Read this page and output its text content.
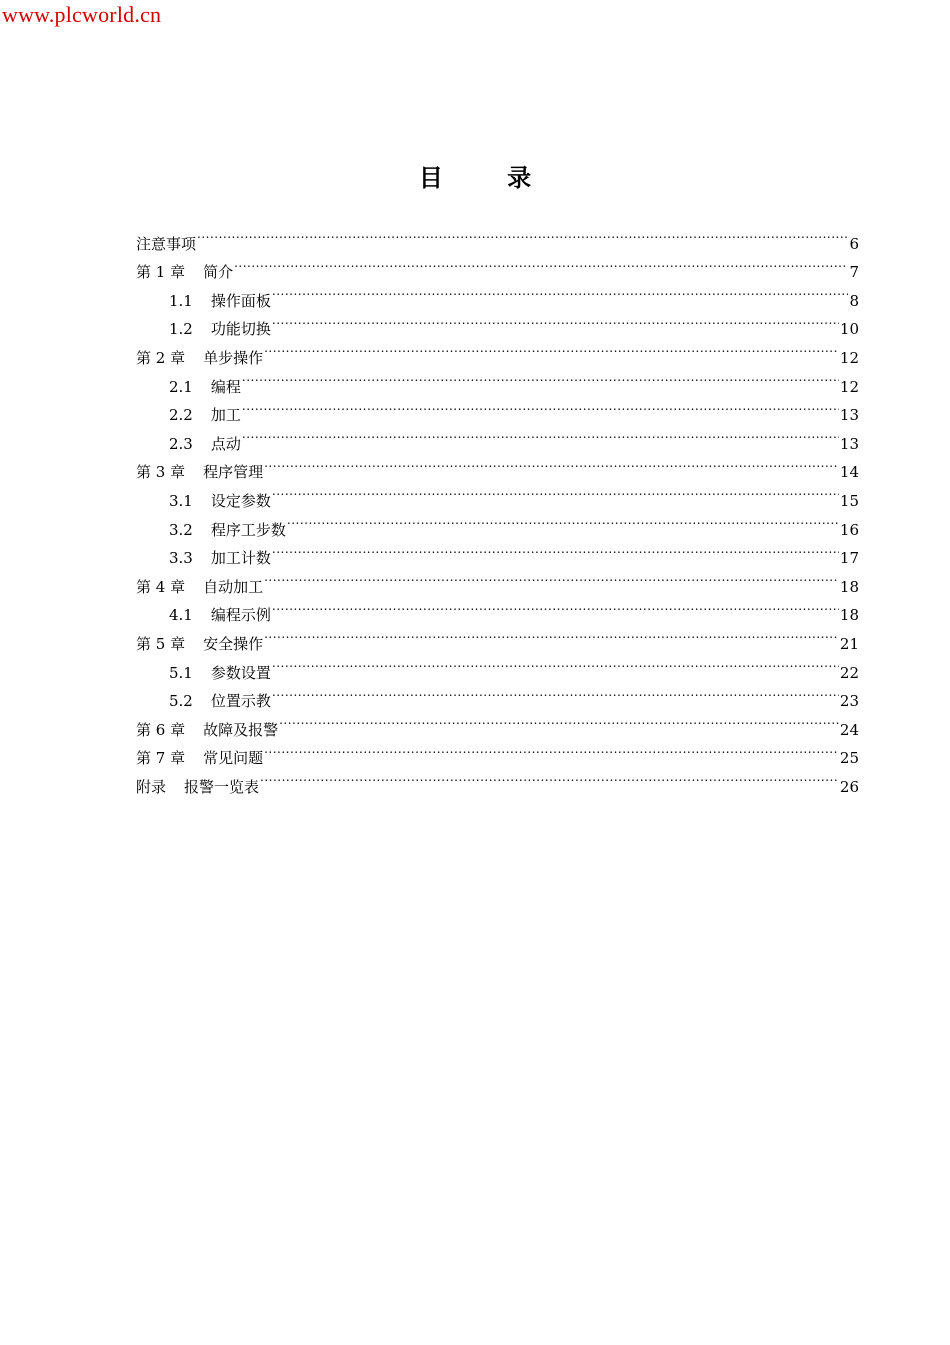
www.plcworld.cn
目 录
注意事项 .....	6
第 1 章 简介 .....	7
1.1 操作面板 .....	8
1.2 功能切换 .....	10
第 2 章 单步操作 .....	12
2.1 编程 .....	12
2.2 加工 .....	13
2.3 点动 .....	13
第 3 章 程序管理 .....	14
3.1 设定参数 .....	15
3.2 程序工步数 .....	16
3.3 加工计数 .....	17
第 4 章 自动加工 .....	18
4.1 编程示例 .....	18
第 5 章 安全操作 .....	21
5.1 参数设置 .....	22
5.2 位置示教 .....	23
第 6 章 故障及报警 .....	24
第 7 章 常见问题 .....	25
附录 报警一览表 .....	26
